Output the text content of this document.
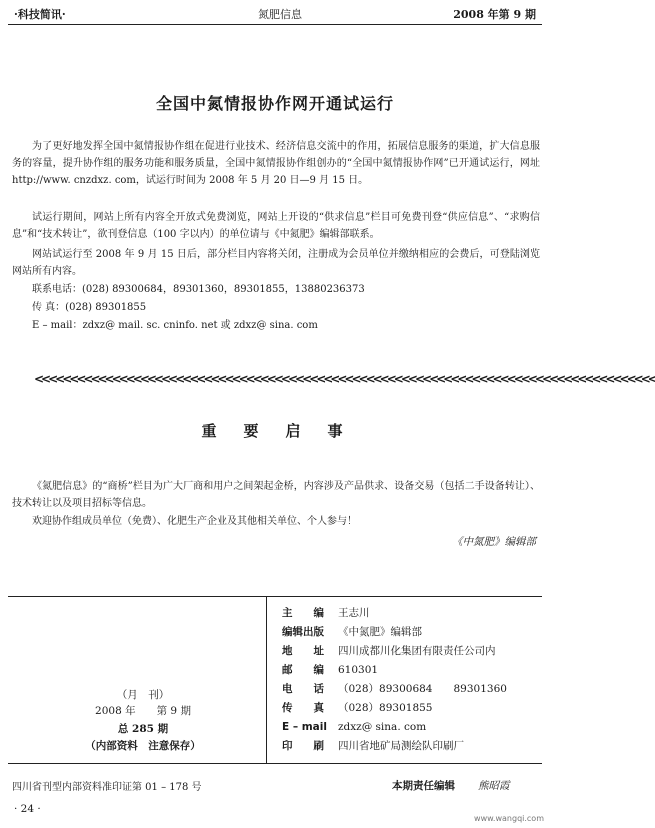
·科技简讯·	氮肥信息	2008 年第 9 期
全国中氮情报协作网开通试运行
为了更好地发挥全国中氮情报协作组在促进行业技术、经济信息交流中的作用，拓展信息服务的渠道，扩大信息服务的容量，提升协作组的服务功能和服务质量，全国中氮情报协作组创办的“全国中氮情报协作网”已开通试运行，网址 http://www. cnzdxz. com，试运行时间为 2008 年 5 月 20 日—9 月 15 日。
试运行期间，网站上所有内容全开放式免费浏览，网站上开设的“供求信息”栏目可免费刊登“供应信息”、“求购信息”和“技术转让”，欲刊登信息（100 字以内）的单位请与《中氮肥》编辑部联系。
网站试运行至 2008 年 9 月 15 日后，部分栏目内容将关闭，注册成为会员单位并缴纳相应的会费后，可登陆浏览网站所有内容。
联系电话：(028) 89300684，89301360，89301855，13880236373
传 真：(028) 89301855
E – mail：zdxz@ mail. sc. cninfo. net 或 zdxz@ sina. com
<<<<<<<<<<<<<<<<<<<<<<<<<<<<<<<<<<<<<<<<<<<<<<<<<<<<<<<<<<<<<<<<<<<<<<<<<<<<<<<<<<<<<<<<
重　要　启　事
《氮肥信息》的“商桥”栏目为广大厂商和用户之间架起金桥，内容涉及产品供求、设备交易（包括二手设备转让）、技术转让以及项目招标等信息。
欢迎协作组成员单位（免费）、化肥生产企业及其他相关单位、个人参与！
《中氮肥》编辑部
（月　刊）
2008 年　　第 9 期
总 285 期
（内部资料　注意保存）
主　　编 王志川
编辑出版 《中氮肥》编辑部
地　　址 四川成都川化集团有限责任公司内
邮　　编 610301
电　　话 （028）89300684　　89301360
传　　真 （028）89301855
E – mail zdxz@ sina. com
印　　刷 四川省地矿局测绘队印刷厂
四川省刊型内部资料准印证第 01 – 178 号	本期责任编辑 熊昭霞
· 24 ·
www.wangqi.com
